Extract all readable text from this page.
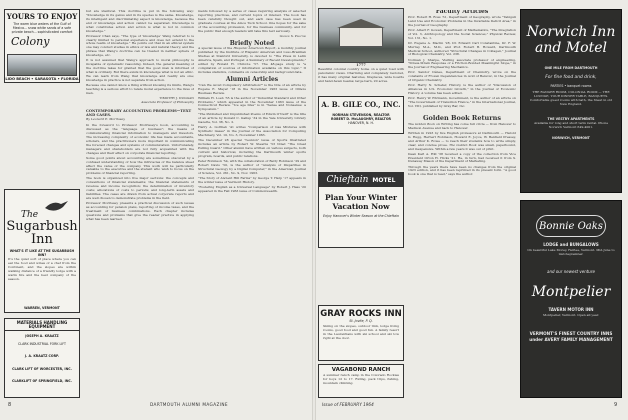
YOURS TO ENJOY
The warm blue waters of the Gulf of Mexico... snow white sands of a safe private beach... sophisticated comfort
Colony
LIDO BEACH • SARASOTA • FLORIDA
The
Sugarbush Inn
WHAT'S IT LIKE AT THE SUGARBUSH INN?

It's the quiet sort of place where you can eat the food and wines of a chef from the Continent, and the slopes are within walking distance of a friendly lodge with a warm fire and the best company of the season.

WARREN, VERMONT
MATERIALS HANDLING EQUIPMENT
JOSEPH A. KRAATZ
CLARK INDUSTRIAL FORK LIFT
J. A. KRAATZ CORP.
CLARK LIFT OF WORCESTER, INC.
CLARKLIFT OF SPRINGFIELD, INC.

but are identical. This doctrine is put in the following way: "Knowledge in its genus and in its species is the same. Knowledge, its intelligent and discriminating aspect is knowledge, because the end of knowledge and action cannot be separated. Knowledge is what constitutes action and action is what is not in common knowledge."

Professor Chan says, "The type of 'knowledge' Wang referred to is clearly limited to personal experience and does not extend to the whole realm of knowledge." He points out that in an ethical system one may conduct studies in ethics or law and natural theory, and the phrase that Wang's doctrine can be treated in neither sphere of knowledge, etc.

It is not assumed that Wang's approach to moral philosophy is incapable of systematic reasoning. Indeed, the general meaning of the doctrine takes for granted that the good man is informed of what is ordinary. But there exists in knowledge what is not an ethic. We can learn from Wang that knowledge and reality are one; knowledge in practice is not separate from action.

Because one cannot know a thing without knowing its limits, Wang's teaching is a serious effort to relate moral experience to the lives of men.

TIMOTHY J. DUGGAN
Associate Professor of Philosophy
CONTEMPORARY ACCOUNTING PROBLEMS—TEXT AND CASES.
By Leonard E. Morrissey

In the foreword to Professor Morrissey's book, accounting is discussed as the "language of business"; the means of communicating financial information to managers and investors. The increasing complexity of economic life has made accountants, scholars, and the practitioners more important in communicating the forecast changes and systems of communication. Unfortunately, managers and shareholders are not fully acquainted with the changes and their effect on corporate financial reporting.

Some good points about accounting are sometimes obscured by a confused understanding of how the intricacies of the balance sheet affect the value of the company. This work will be particularly valuable to the executive and the student who wish to focus on the problems of financial reporting.

The book is organized into five major sections: the concepts and conventions of financial statements; the financial statements of revenue and income recognition; the determination of inventory costs; allocations of costs to periods; and long-term assets and liabilities. The cases are drawn from actual corporate reports and are well chosen to demonstrate problems in the field.

Professor Morrissey presents a practical discussion of such issues as accounting for pension plans, reporting of income taxes, and the treatment of business combinations. Each chapter includes questions and problems that give the reader practice in applying what has been learned.

ments followed by a series of cases requiring analysis of selected reporting practices, and current topics of interest. The book has been carefully thought out, and each case has been used in graduate courses at the Amos Tuck School. One hopes for the sake of the accounting profession, for the business community, and for the public that enough readers will take this text seriously.

George S. Proctor
Briefly Noted

A special issue of the Hispanic American Report, a monthly journal published by the Institute of Hispanic American and Luso-Brazilian Studies at Stanford University, is devoted to "The Press in Latin America, Spain, and Portugal: A Summary of Recent Developments," edited by Ronald H. Chilcote '57. The 48-page study is "a compilation of sources of information available on this topic." It includes statistics, comments on censorship and background data.

Alumni Articles

"Can We Avoid Compulsory Arbitration?" is the title of an article by Eugene E. Mayer '18 in the November 1963 issue of Illinois Business Review.

William H. Loeb '35 is the author of "Industrial Standard and Other Problems," which appeared in the November 1963 issue of the Connecticut Review. "Ice age lifes" is in "Sense and Nonsense: a Symposium."

"The Published and Unpublished Poems of Edwin O'Neill" is the title of an article by Donald C. Gallup '34 in the Yale University Library Gazette, Vol. 38, No. 2.

Harry A. Gottlieb '41 writes "Comparison of Gas Mixtures with Synthetic Gases" in the Journal of the Association for Computing Machinery, Vol. 10, No. 3, November 1963.

The December 28 special "reunion" issue of Sports Illustrated includes an article by Robert W. Stearns '53 titled "The Great Pulling Guard." Other alumni have written on various subjects, both current and historical, including the Dartmouth winter sports program, boards, and public relations.

Peter Robinson '54, with the collaboration of Betty Robinson '29 and Robert Davis '50, is the author of "Analysis of Disparities in Structural Geology by a Digital Computer," in the American Journal of Science, Vol. 261, No. 9, Nov. 1963.

"The Story of Ancient Hill Farms" by George T. Harp '17 appears in the winter issue of Vermont History.

"Fostering English as a Universal Language" by Robert J. Hass '20 appeared in the Fall 1963 issue of Commonwealth.

8	DARTMOUTH ALUMNI MAGAZINE
1777

Beautiful colonial country home on a quiet road with panoramic views. Charming and completely restored, it has many original features, fireplaces, wide boards and hand-hewn beams; large barn, 20 acres.

A. B. GILE CO., INC.
NORMAN STEVENSON, REALTOR
ROBERT D. McLAUGHRY, REALTOR
HANOVER, N. H.
Chieftain MOTEL
Plan Your Winter
Vacation Now
Enjoy Hanover's Winter Season at the Chieftain
GRAY ROCKS INN
St. Jovite, P. Q.

Skiing on the slopes, outdoor rink, lodge living rooms, good food and good fun. A family resort in the Laurentians with ski school and ski tow right at the door.

VAGABOND RANCH

A summer ranch camp in the Colorado Rockies for boys 12 to 17. Riding, pack trips, fishing, mountain climbing.

Faculty Articles

Prof. Robert H. Ross '31, Department of Geography, wrote "Tabiguli Land Use and Economic Problems in the Invariable Deficit Area," in the Journal of Geography.

Prof. Albert F. Gowan, Department of Mathematics, "The Integration of Vol. 3, Anthropology and the Social Sciences," Physical Review, Vol. 131, No. 1.

Dr. Eugene A. Maclin '28, Dr. Edward Carl Constantine, Dr. F. W. Murray, M.A., M.D., and Prof. Robert B. Howard, Dartmouth Medical School, authored "Structural Changes in Collagen," Journal of Biological Chemistry, Vol. 238.

Norman J. Sharpe, Visiting associate professor of engineering, "Stress-Strain Response of a Friction-Bonded Meaningful Slope," in the Journal of Engineering Mechanics.

Prof. Sandor Dénes, Department of Chemistry, wrote on the constants of Frozen Dependencies in Acid of Benzoic, in the Journal of Organic Chemistry.

Prof. Harry N. Schefer, History, is the author of "Discussion of Alliances in U.S. Economic Growth," in the Journal of Economic History. A volume has been edited.

Prof. Henry W. Ehrmann, Government, is the author of an article on "The Government of Transition France," in the International Journal, Vol. VIII, published by Gray Bar, Inc.

Golden Book Returns

The Golden Book on Writing has come full circle — from Hanover to Madison Avenue and back to Hanover.

Written in 1923 by five English professors at Dartmouth — Harold G. Rugg, Herbert Robinson, Howard E. Joyce, W. Benfield Pressey, and Arthur K. Rowe — to reach their students how to write simply, clear, and concise prose. The Golden Book was small, paperbound, and inexpensive. Within a few years it was out of print.

Dean Karl A. Hill '38 received a copy of the collection from Vice President Orton H. Hicks '21. He, in turn, had received it from S. Dunaway Mason of the Department of Marketing.

Through the years there have been no changes from the original 1923 edition, and it has been reprinted in its present form. "A good book is one that is read," says the author.

Norwich Inn
and Motel
ONE MILE FROM DARTMOUTH
For fine food and drink,
PARTIES • banquet rooms

THE RANGER ROOM, COLONIAL ROOM — THE LOUNGE, YOUR DINNER TABLE, BANQUETS. Comfortable guest rooms with bath, the finest in old New England.

THE VESTRY APARTMENTS

Available for long and short term rental. Phone Norwich Vermont 649-4001.

NORWICH, VERMONT
Bonnie Oaks
LODGE and BUNGALOWS

On beautiful Lake Morey, Fairlee, Vermont. Mid-June to mid-September.

and our newest venture
Montpelier
TAVERN MOTOR INN

Montpelier, Vermont. Open all year.

VERMONT'S FINEST COUNTRY INNS under AVERY FAMILY MANAGEMENT
Issue of FEBRUARY 1964	9
